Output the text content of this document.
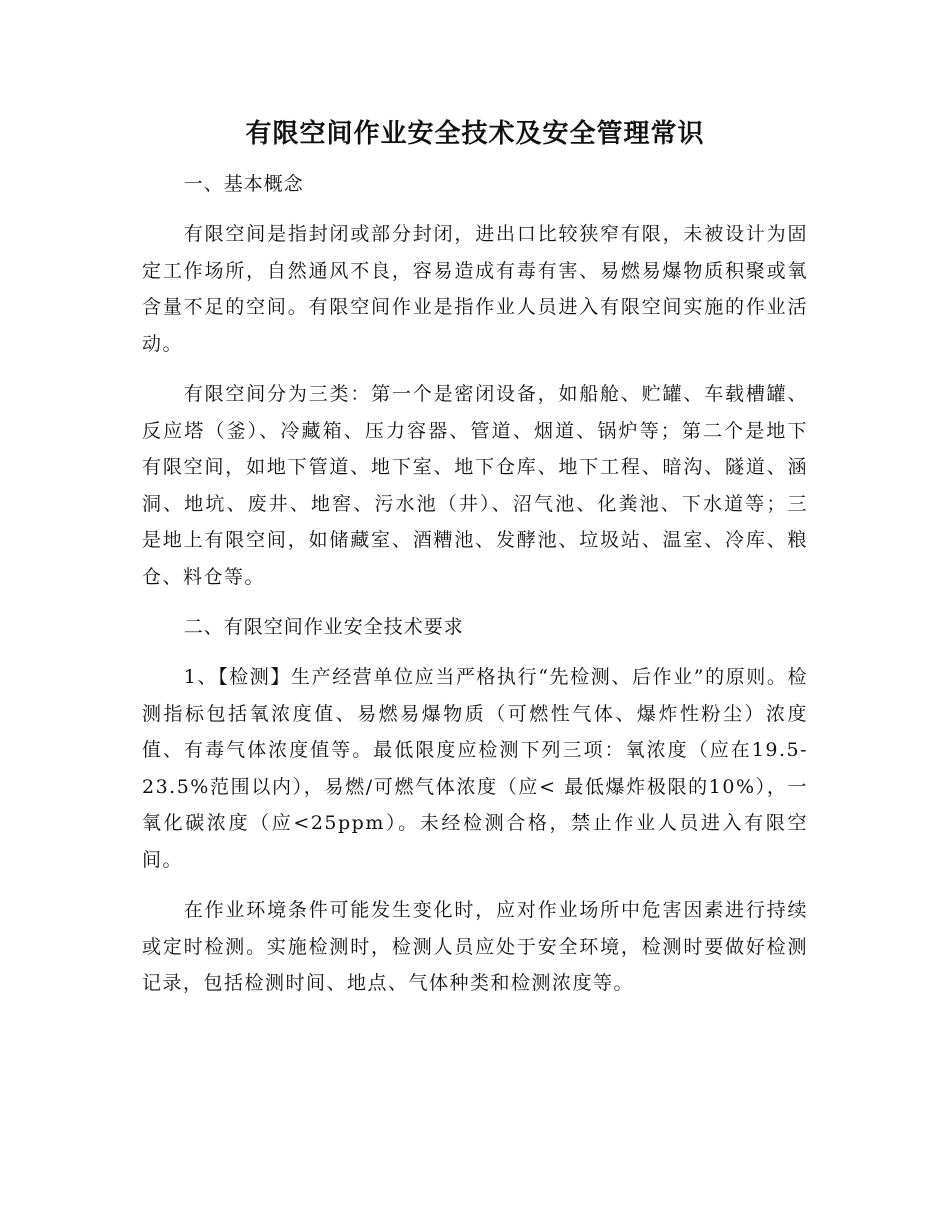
有限空间作业安全技术及安全管理常识

一、基本概念

有限空间是指封闭或部分封闭，进出口比较狭窄有限，未被设计为固定工作场所，自然通风不良，容易造成有毒有害、易燃易爆物质积聚或氧含量不足的空间。有限空间作业是指作业人员进入有限空间实施的作业活动。

有限空间分为三类：第一个是密闭设备，如船舱、贮罐、车载槽罐、反应塔（釜）、冷藏箱、压力容器、管道、烟道、锅炉等；第二个是地下有限空间，如地下管道、地下室、地下仓库、地下工程、暗沟、隧道、涵洞、地坑、废井、地窖、污水池（井）、沼气池、化粪池、下水道等；三是地上有限空间，如储藏室、酒糟池、发酵池、垃圾站、温室、冷库、粮仓、料仓等。

二、有限空间作业安全技术要求

1、【检测】生产经营单位应当严格执行“先检测、后作业”的原则。检测指标包括氧浓度值、易燃易爆物质（可燃性气体、爆炸性粉尘）浓度值、有毒气体浓度值等。最低限度应检测下列三项：氧浓度（应在19.5-23.5%范围以内），易燃/可燃气体浓度（应< 最低爆炸极限的10%），一氧化碳浓度（应<25ppm）。未经检测合格，禁止作业人员进入有限空间。

在作业环境条件可能发生变化时，应对作业场所中危害因素进行持续或定时检测。实施检测时，检测人员应处于安全环境，检测时要做好检测记录，包括检测时间、地点、气体种类和检测浓度等。
